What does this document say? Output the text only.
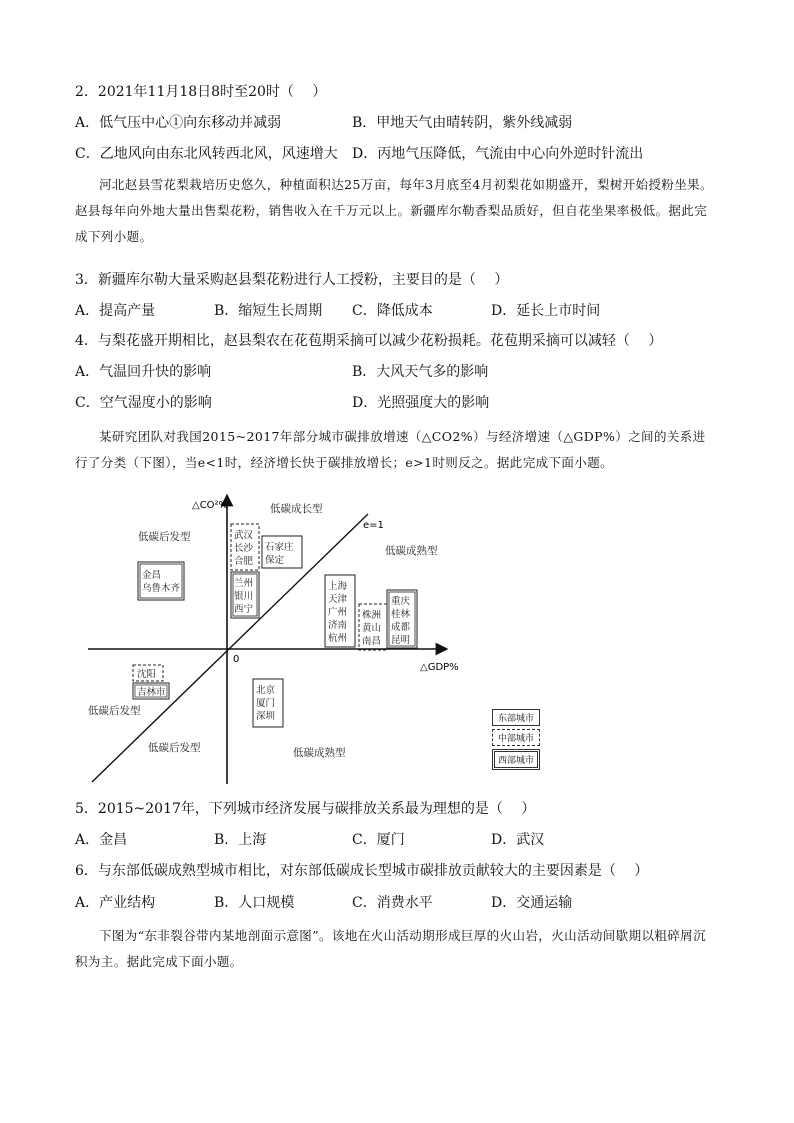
2．2021年11月18日8时至20时（　 ）
A．低气压中心①向东移动并减弱	B．甲地天气由晴转阴，紫外线减弱
C．乙地风向由东北风转西北风，风速增大 D．丙地气压降低，气流由中心向外逆时针流出
河北赵县雪花梨栽培历史悠久，种植面积达25万亩，每年3月底至4月初梨花如期盛开，梨树开始授粉坐果。赵县每年向外地大量出售梨花粉，销售收入在千万元以上。新疆库尔勒香梨品质好，但自花坐果率极低。据此完成下列小题。
3．新疆库尔勒大量采购赵县梨花粉进行人工授粉，主要目的是（　 ）
A．提高产量	B．缩短生长周期 C．降低成本	D．延长上市时间
4．与梨花盛开期相比，赵县梨农在花苞期采摘可以减少花粉损耗。花苞期采摘可以减轻（　 ）
A．气温回升快的影响	B．大风天气多的影响
C．空气湿度小的影响	D．光照强度大的影响
某研究团队对我国2015~2017年部分城市碳排放增速（△CO2%）与经济增速（△GDP%）之间的关系进行了分类（下图），当e<1时，经济增长快于碳排放增长；e>1时则反之。据此完成下面小题。
△CO²%
△GDP%
0
e=1
低碳后发型
低碳成长型
低碳成熟型
低碳后发型
低碳后发型	低碳成熟型
金昌
乌鲁木齐
武汉
长沙
合肥
石家庄
保定
兰州
银川
西宁
上海
天津
广州
济南
杭州
株洲
黄山
南昌
重庆
桂林
成都
昆明
沈阳
吉林市	北京
厦门
深圳	东部城市
中部城市
西部城市
5．2015~2017年，下列城市经济发展与碳排放关系最为理想的是（　 ）
A．金昌	B．上海	C．厦门	D．武汉
6．与东部低碳成熟型城市相比，对东部低碳成长型城市碳排放贡献较大的主要因素是（　 ）
A．产业结构	B．人口规模	C．消费水平	D．交通运输
下图为“东非裂谷带内某地剖面示意图”。该地在火山活动期形成巨厚的火山岩，火山活动间歇期以粗碎屑沉积为主。据此完成下面小题。
